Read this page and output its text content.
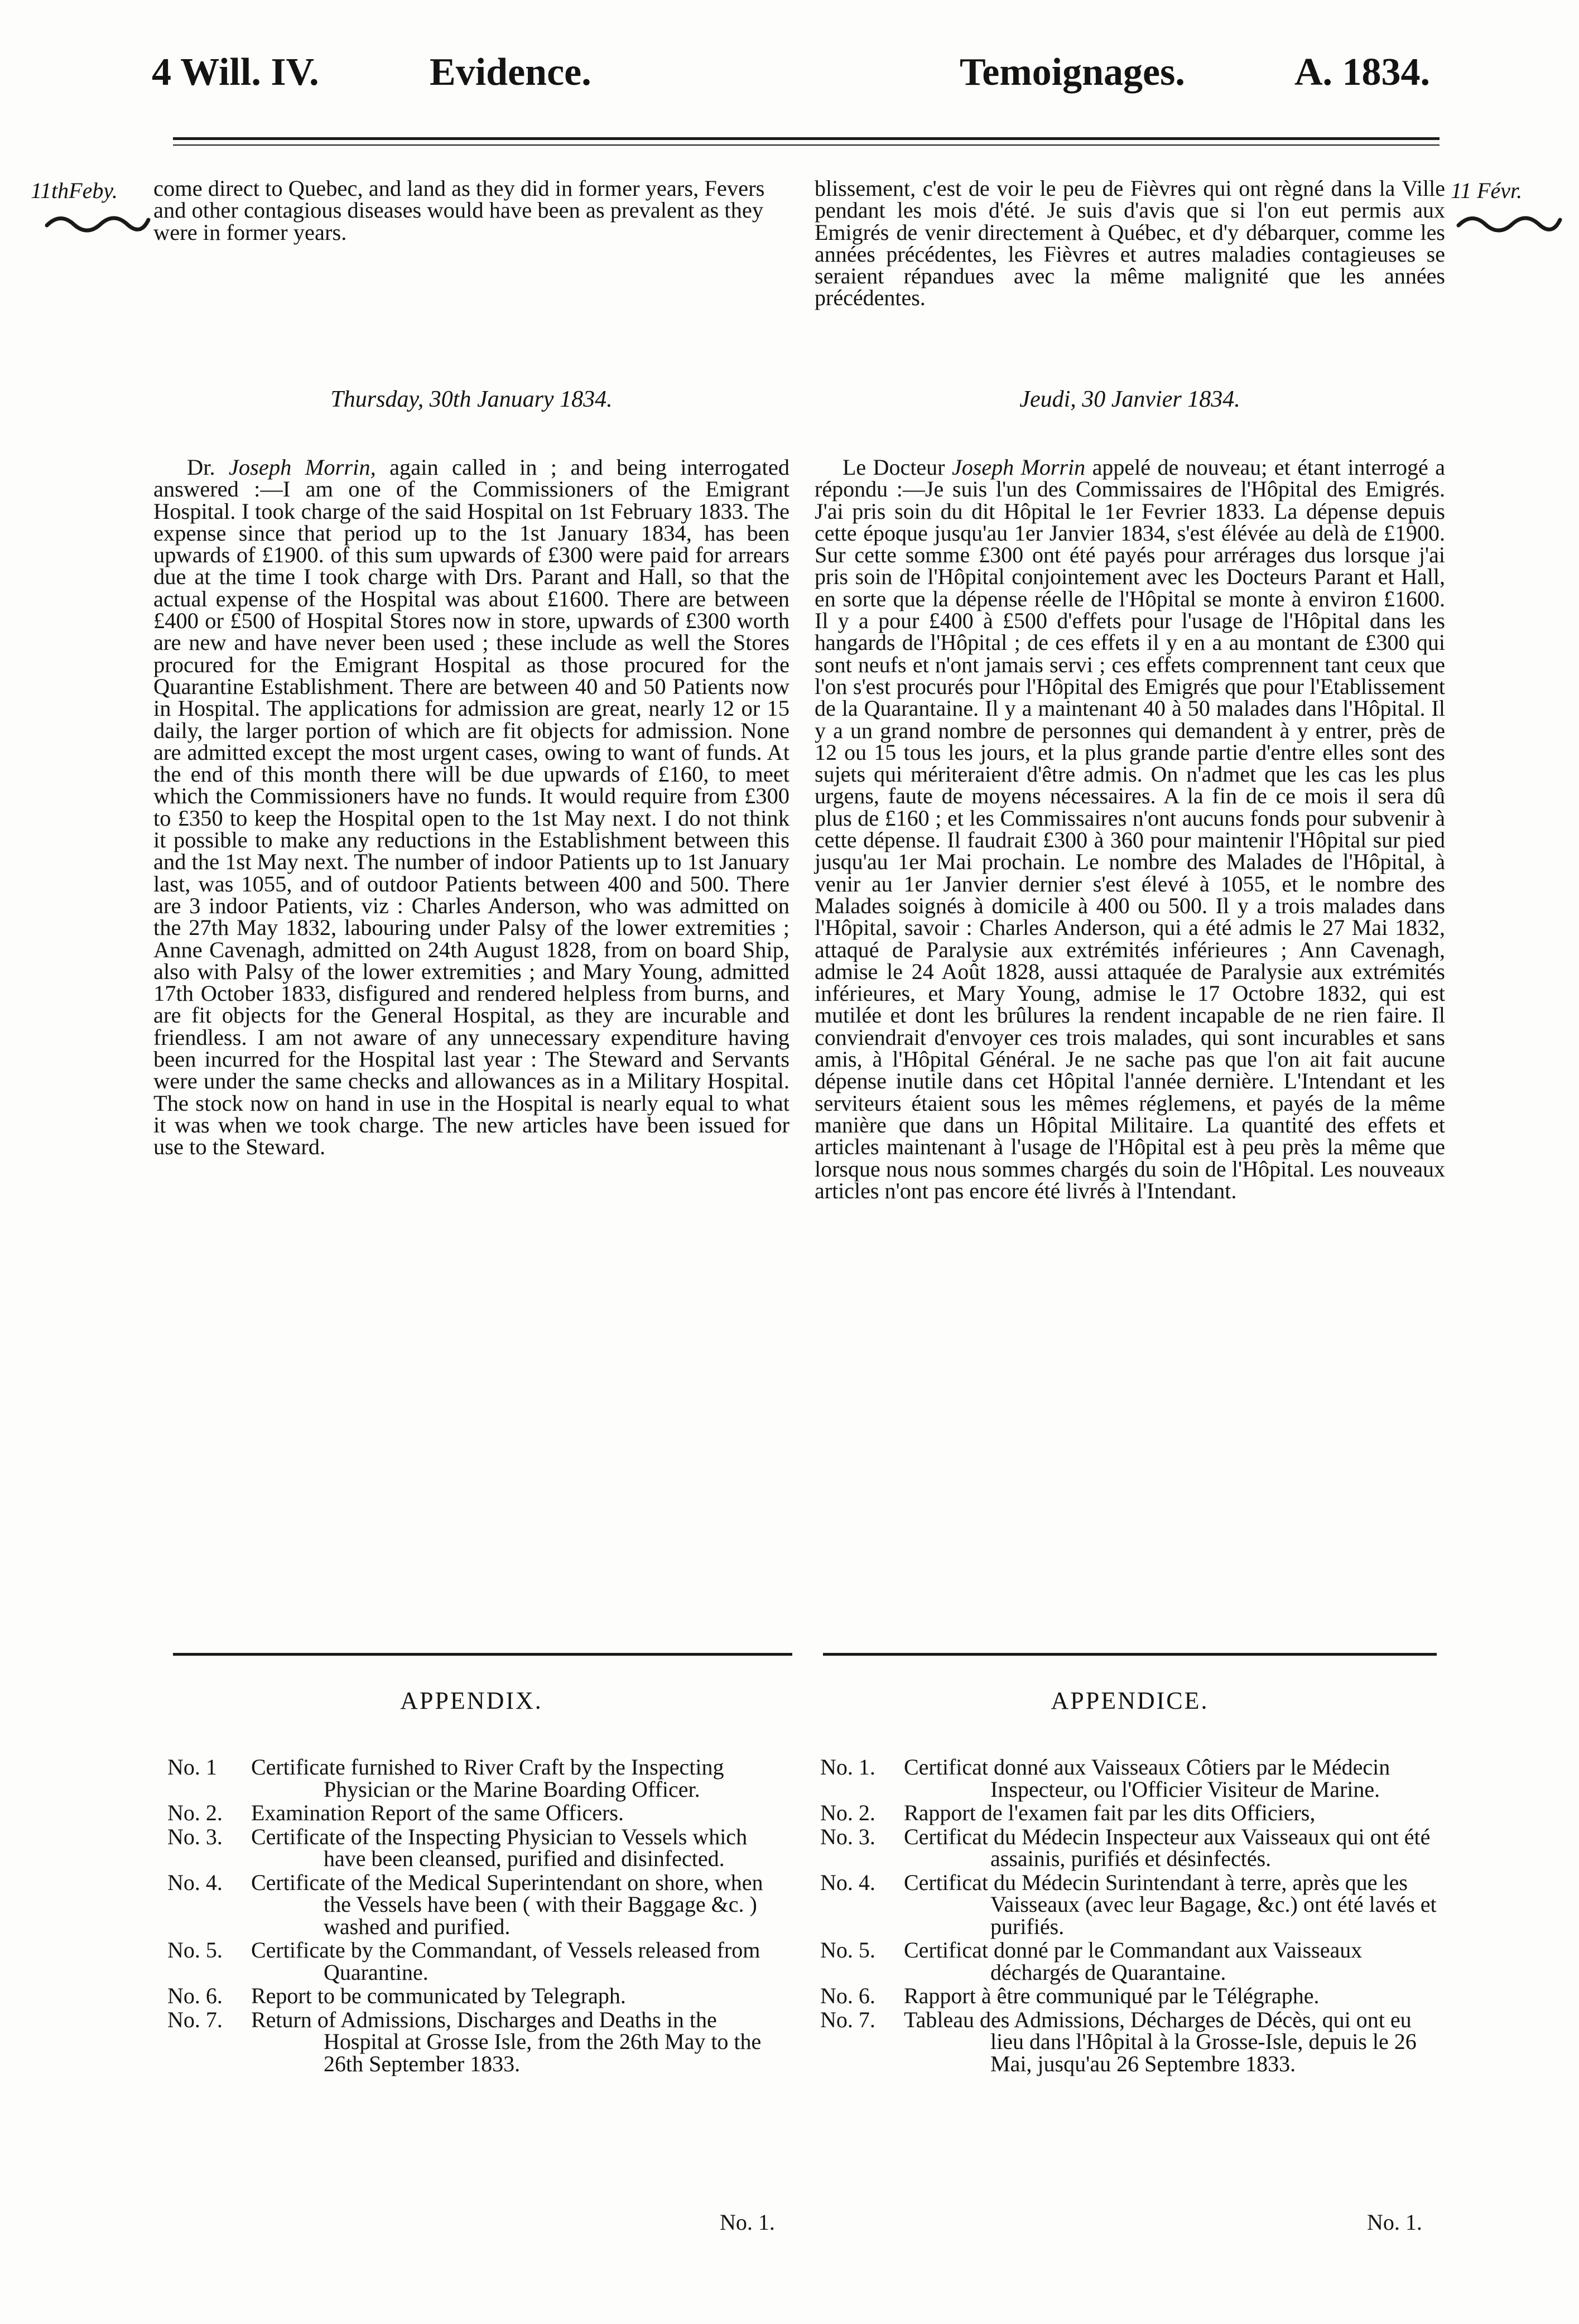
4 Will. IV.	Evidence.	Temoignages.	A. 1834.
11thFeby.	11 Févr.
come direct to Quebec, and land as they did in former years, Fevers and other contagious diseases would have been as prevalent as they were in former years.
blissement, c'est de voir le peu de Fièvres qui ont règné dans la Ville pendant les mois d'été. Je suis d'avis que si l'on eut permis aux Emigrés de venir directement à Québec, et d'y débarquer, comme les années précédentes, les Fièvres et autres maladies contagieuses se seraient répandues avec la même malignité que les années précédentes.
Thursday, 30th January 1834.	Jeudi, 30 Janvier 1834.

Dr. Joseph Morrin, again called in ; and being interrogated answered :—I am one of the Commissioners of the Emigrant Hospital. I took charge of the said Hospital on 1st February 1833. The expense since that period up to the 1st January 1834, has been upwards of £1900. of this sum upwards of £300 were paid for arrears due at the time I took charge with Drs. Parant and Hall, so that the actual expense of the Hospital was about £1600. There are between £400 or £500 of Hospital Stores now in store, upwards of £300 worth are new and have never been used ; these include as well the Stores procured for the Emigrant Hospital as those procured for the Quarantine Establishment. There are between 40 and 50 Patients now in Hospital. The applications for admission are great, nearly 12 or 15 daily, the larger portion of which are fit objects for admission. None are admitted except the most urgent cases, owing to want of funds. At the end of this month there will be due upwards of £160, to meet which the Commissioners have no funds. It would require from £300 to £350 to keep the Hospital open to the 1st May next. I do not think it possible to make any reductions in the Establishment between this and the 1st May next. The number of indoor Patients up to 1st January last, was 1055, and of outdoor Patients between 400 and 500. There are 3 indoor Patients, viz : Charles Anderson, who was admitted on the 27th May 1832, labouring under Palsy of the lower extremities ; Anne Cavenagh, admitted on 24th August 1828, from on board Ship, also with Palsy of the lower extremities ; and Mary Young, admitted 17th October 1833, disfigured and rendered helpless from burns, and are fit objects for the General Hospital, as they are incurable and friendless. I am not aware of any unnecessary expenditure having been incurred for the Hospital last year : The Steward and Servants were under the same checks and allowances as in a Military Hospital. The stock now on hand in use in the Hospital is nearly equal to what it was when we took charge. The new articles have been issued for use to the Steward.

Le Docteur Joseph Morrin appelé de nouveau; et étant interrogé a répondu :—Je suis l'un des Commissaires de l'Hôpital des Emigrés. J'ai pris soin du dit Hôpital le 1er Fevrier 1833. La dépense depuis cette époque jusqu'au 1er Janvier 1834, s'est élévée au delà de £1900. Sur cette somme £300 ont été payés pour arrérages dus lorsque j'ai pris soin de l'Hôpital conjointement avec les Docteurs Parant et Hall, en sorte que la dépense réelle de l'Hôpital se monte à environ £1600. Il y a pour £400 à £500 d'effets pour l'usage de l'Hôpital dans les hangards de l'Hôpital ; de ces effets il y en a au montant de £300 qui sont neufs et n'ont jamais servi ; ces effets comprennent tant ceux que l'on s'est procurés pour l'Hôpital des Emigrés que pour l'Etablissement de la Quarantaine. Il y a maintenant 40 à 50 malades dans l'Hôpital. Il y a un grand nombre de personnes qui demandent à y entrer, près de 12 ou 15 tous les jours, et la plus grande partie d'entre elles sont des sujets qui mériteraient d'être admis. On n'admet que les cas les plus urgens, faute de moyens nécessaires. A la fin de ce mois il sera dû plus de £160 ; et les Commissaires n'ont aucuns fonds pour subvenir à cette dépense. Il faudrait £300 à 360 pour maintenir l'Hôpital sur pied jusqu'au 1er Mai prochain. Le nombre des Malades de l'Hôpital, à venir au 1er Janvier dernier s'est élevé à 1055, et le nombre des Malades soignés à domicile à 400 ou 500. Il y a trois malades dans l'Hôpital, savoir : Charles Anderson, qui a été admis le 27 Mai 1832, attaqué de Paralysie aux extrémités inférieures ; Ann Cavenagh, admise le 24 Août 1828, aussi attaquée de Paralysie aux extrémités inférieures, et Mary Young, admise le 17 Octobre 1832, qui est mutilée et dont les brûlures la rendent incapable de ne rien faire. Il conviendrait d'envoyer ces trois malades, qui sont incurables et sans amis, à l'Hôpital Général. Je ne sache pas que l'on ait fait aucune dépense inutile dans cet Hôpital l'année dernière. L'Intendant et les serviteurs étaient sous les mêmes réglemens, et payés de la même manière que dans un Hôpital Militaire. La quantité des effets et articles maintenant à l'usage de l'Hôpital est à peu près la même que lorsque nous nous sommes chargés du soin de l'Hôpital. Les nouveaux articles n'ont pas encore été livrés à l'Intendant.

APPENDIX.	APPENDICE.
No. 1	Certificate furnished to River Craft by the Inspecting Physician or the Marine Boarding Officer.
No. 2.	Examination Report of the same Officers.
No. 3.	Certificate of the Inspecting Physician to Vessels which have been cleansed, purified and disinfected.
No. 4.	Certificate of the Medical Superintendant on shore, when the Vessels have been ( with their Baggage &c. ) washed and purified.
No. 5.	Certificate by the Commandant, of Vessels released from Quarantine.
No. 6.	Report to be communicated by Telegraph.
No. 7.	Return of Admissions, Discharges and Deaths in the Hospital at Grosse Isle, from the 26th May to the 26th September 1833.
No. 1.	Certificat donné aux Vaisseaux Côtiers par le Médecin Inspecteur, ou l'Officier Visiteur de Marine.
No. 2.	Rapport de l'examen fait par les dits Officiers,
No. 3.	Certificat du Médecin Inspecteur aux Vaisseaux qui ont été assainis, purifiés et désinfectés.
No. 4.	Certificat du Médecin Surintendant à terre, après que les Vaisseaux (avec leur Bagage, &c.) ont été lavés et purifiés.
No. 5.	Certificat donné par le Commandant aux Vaisseaux déchargés de Quarantaine.
No. 6.	Rapport à être communiqué par le Télégraphe.
No. 7.	Tableau des Admissions, Décharges de Décès, qui ont eu lieu dans l'Hôpital à la Grosse-Isle, depuis le 26 Mai, jusqu'au 26 Septembre 1833.
No. 1.	No. 1.
